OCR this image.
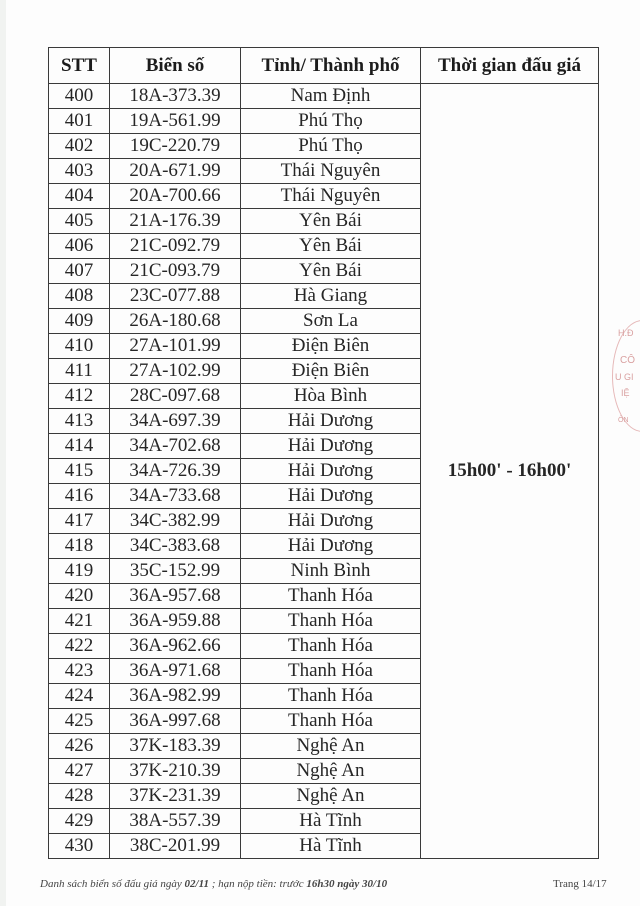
STT	Biển số	Tỉnh/ Thành phố	Thời gian đấu giá
400	18A-373.39	Nam Định	15h00' - 16h00'
401	19A-561.99	Phú Thọ	
402	19C-220.79	Phú Thọ	
403	20A-671.99	Thái Nguyên	
404	20A-700.66	Thái Nguyên	
405	21A-176.39	Yên Bái	
406	21C-092.79	Yên Bái	
407	21C-093.79	Yên Bái	
408	23C-077.88	Hà Giang	
409	26A-180.68	Sơn La	
410	27A-101.99	Điện Biên	
411	27A-102.99	Điện Biên	
412	28C-097.68	Hòa Bình	
413	34A-697.39	Hải Dương	
414	34A-702.68	Hải Dương	
415	34A-726.39	Hải Dương	
416	34A-733.68	Hải Dương	
417	34C-382.99	Hải Dương	
418	34C-383.68	Hải Dương	
419	35C-152.99	Ninh Bình	
420	36A-957.68	Thanh Hóa	
421	36A-959.88	Thanh Hóa	
422	36A-962.66	Thanh Hóa	
423	36A-971.68	Thanh Hóa	
424	36A-982.99	Thanh Hóa	
425	36A-997.68	Thanh Hóa	
426	37K-183.39	Nghệ An	
427	37K-210.39	Nghệ An	
428	37K-231.39	Nghệ An	
429	38A-557.39	Hà Tĩnh	
430	38C-201.99	Hà Tĩnh	
H.Đ
CÔ
U GI
IỆ
ÔN
Danh sách biển số đấu giá ngày 02/11 ; hạn nộp tiền: trước 16h30 ngày 30/10	Trang 14/17
